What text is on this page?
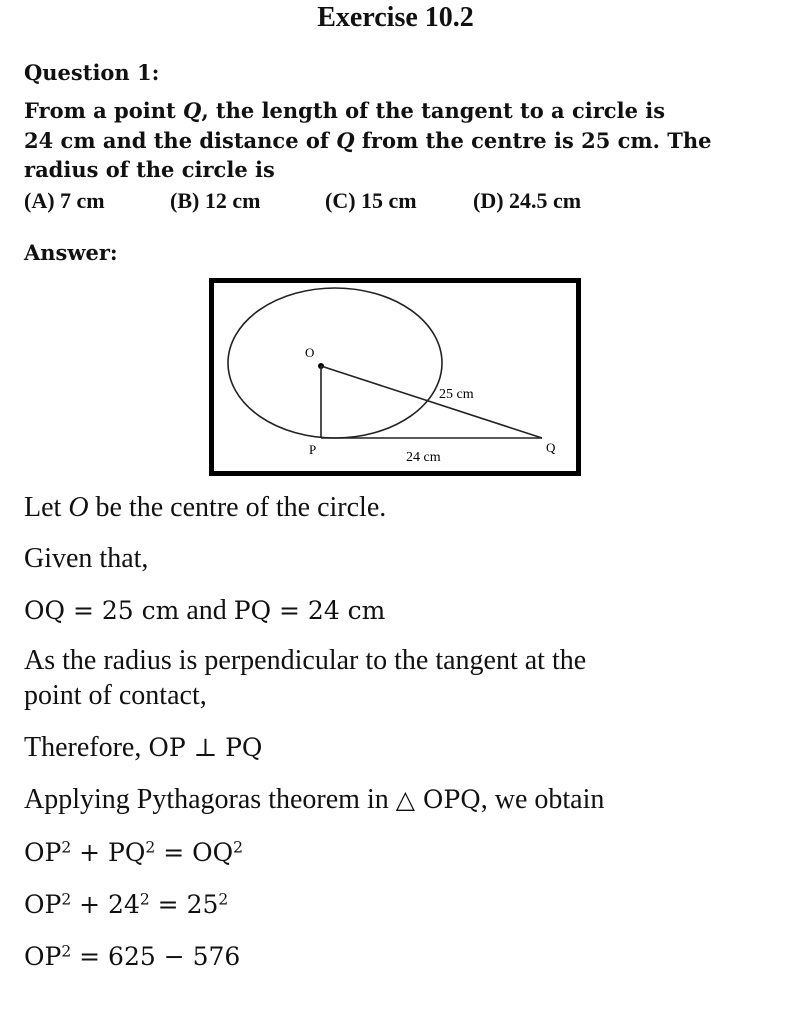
Exercise 10.2
Question 1:
From a point Q, the length of the tangent to a circle is
24 cm and the distance of Q from the centre is 25 cm. The
radius of the circle is
(A) 7 cm	(B) 12 cm	(C) 15 cm	(D) 24.5 cm
Answer:
O
P	Q
25 cm
24 cm
Let O be the centre of the circle.
Given that,
OQ = 25 cm and PQ = 24 cm
As the radius is perpendicular to the tangent at the
point of contact,
Therefore, OP ⊥ PQ
Applying Pythagoras theorem in △ OPQ, we obtain
$OP^2 + PQ^2 = OQ^2$
$OP^2 + 24^2 = 25^2$
$OP^2 = 625 - 576$
